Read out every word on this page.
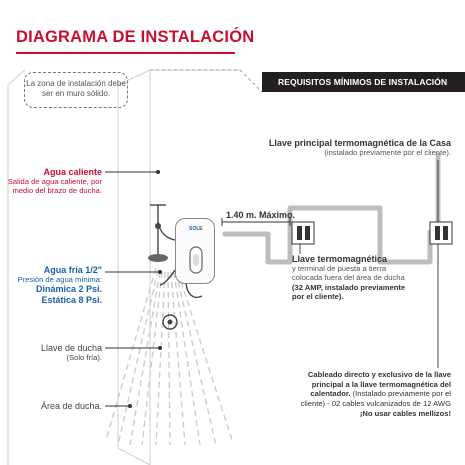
SOLE
DIAGRAMA DE INSTALACIÓN
La zona de instalación debe ser en muro sólido.
REQUISITOS MÍNIMOS DE INSTALACIÓN
Agua caliente
Salida de agua caliente, por medio del brazo de ducha.
Agua fría 1/2"
Presión de agua mínima:
Dinámica 2 Psi.
Estática 8 Psi.
Llave de ducha
(Solo fría).
Área de ducha.
Llave principal termomagnética de la Casa
(instalado previamente por el cliente).
1.40 m. Máximo.
Llave termomagnética
y terminal de puesta a tierra
colocada fuera del área de ducha
(32 AMP, instalado previamente
por el cliente).
Cableado directo y exclusivo de la llave principal a la llave termomagnética del calentador. (Instalado previamente por el cliente) - 02 cables vulcanizados de 12 AWG ¡No usar cables mellizos!
